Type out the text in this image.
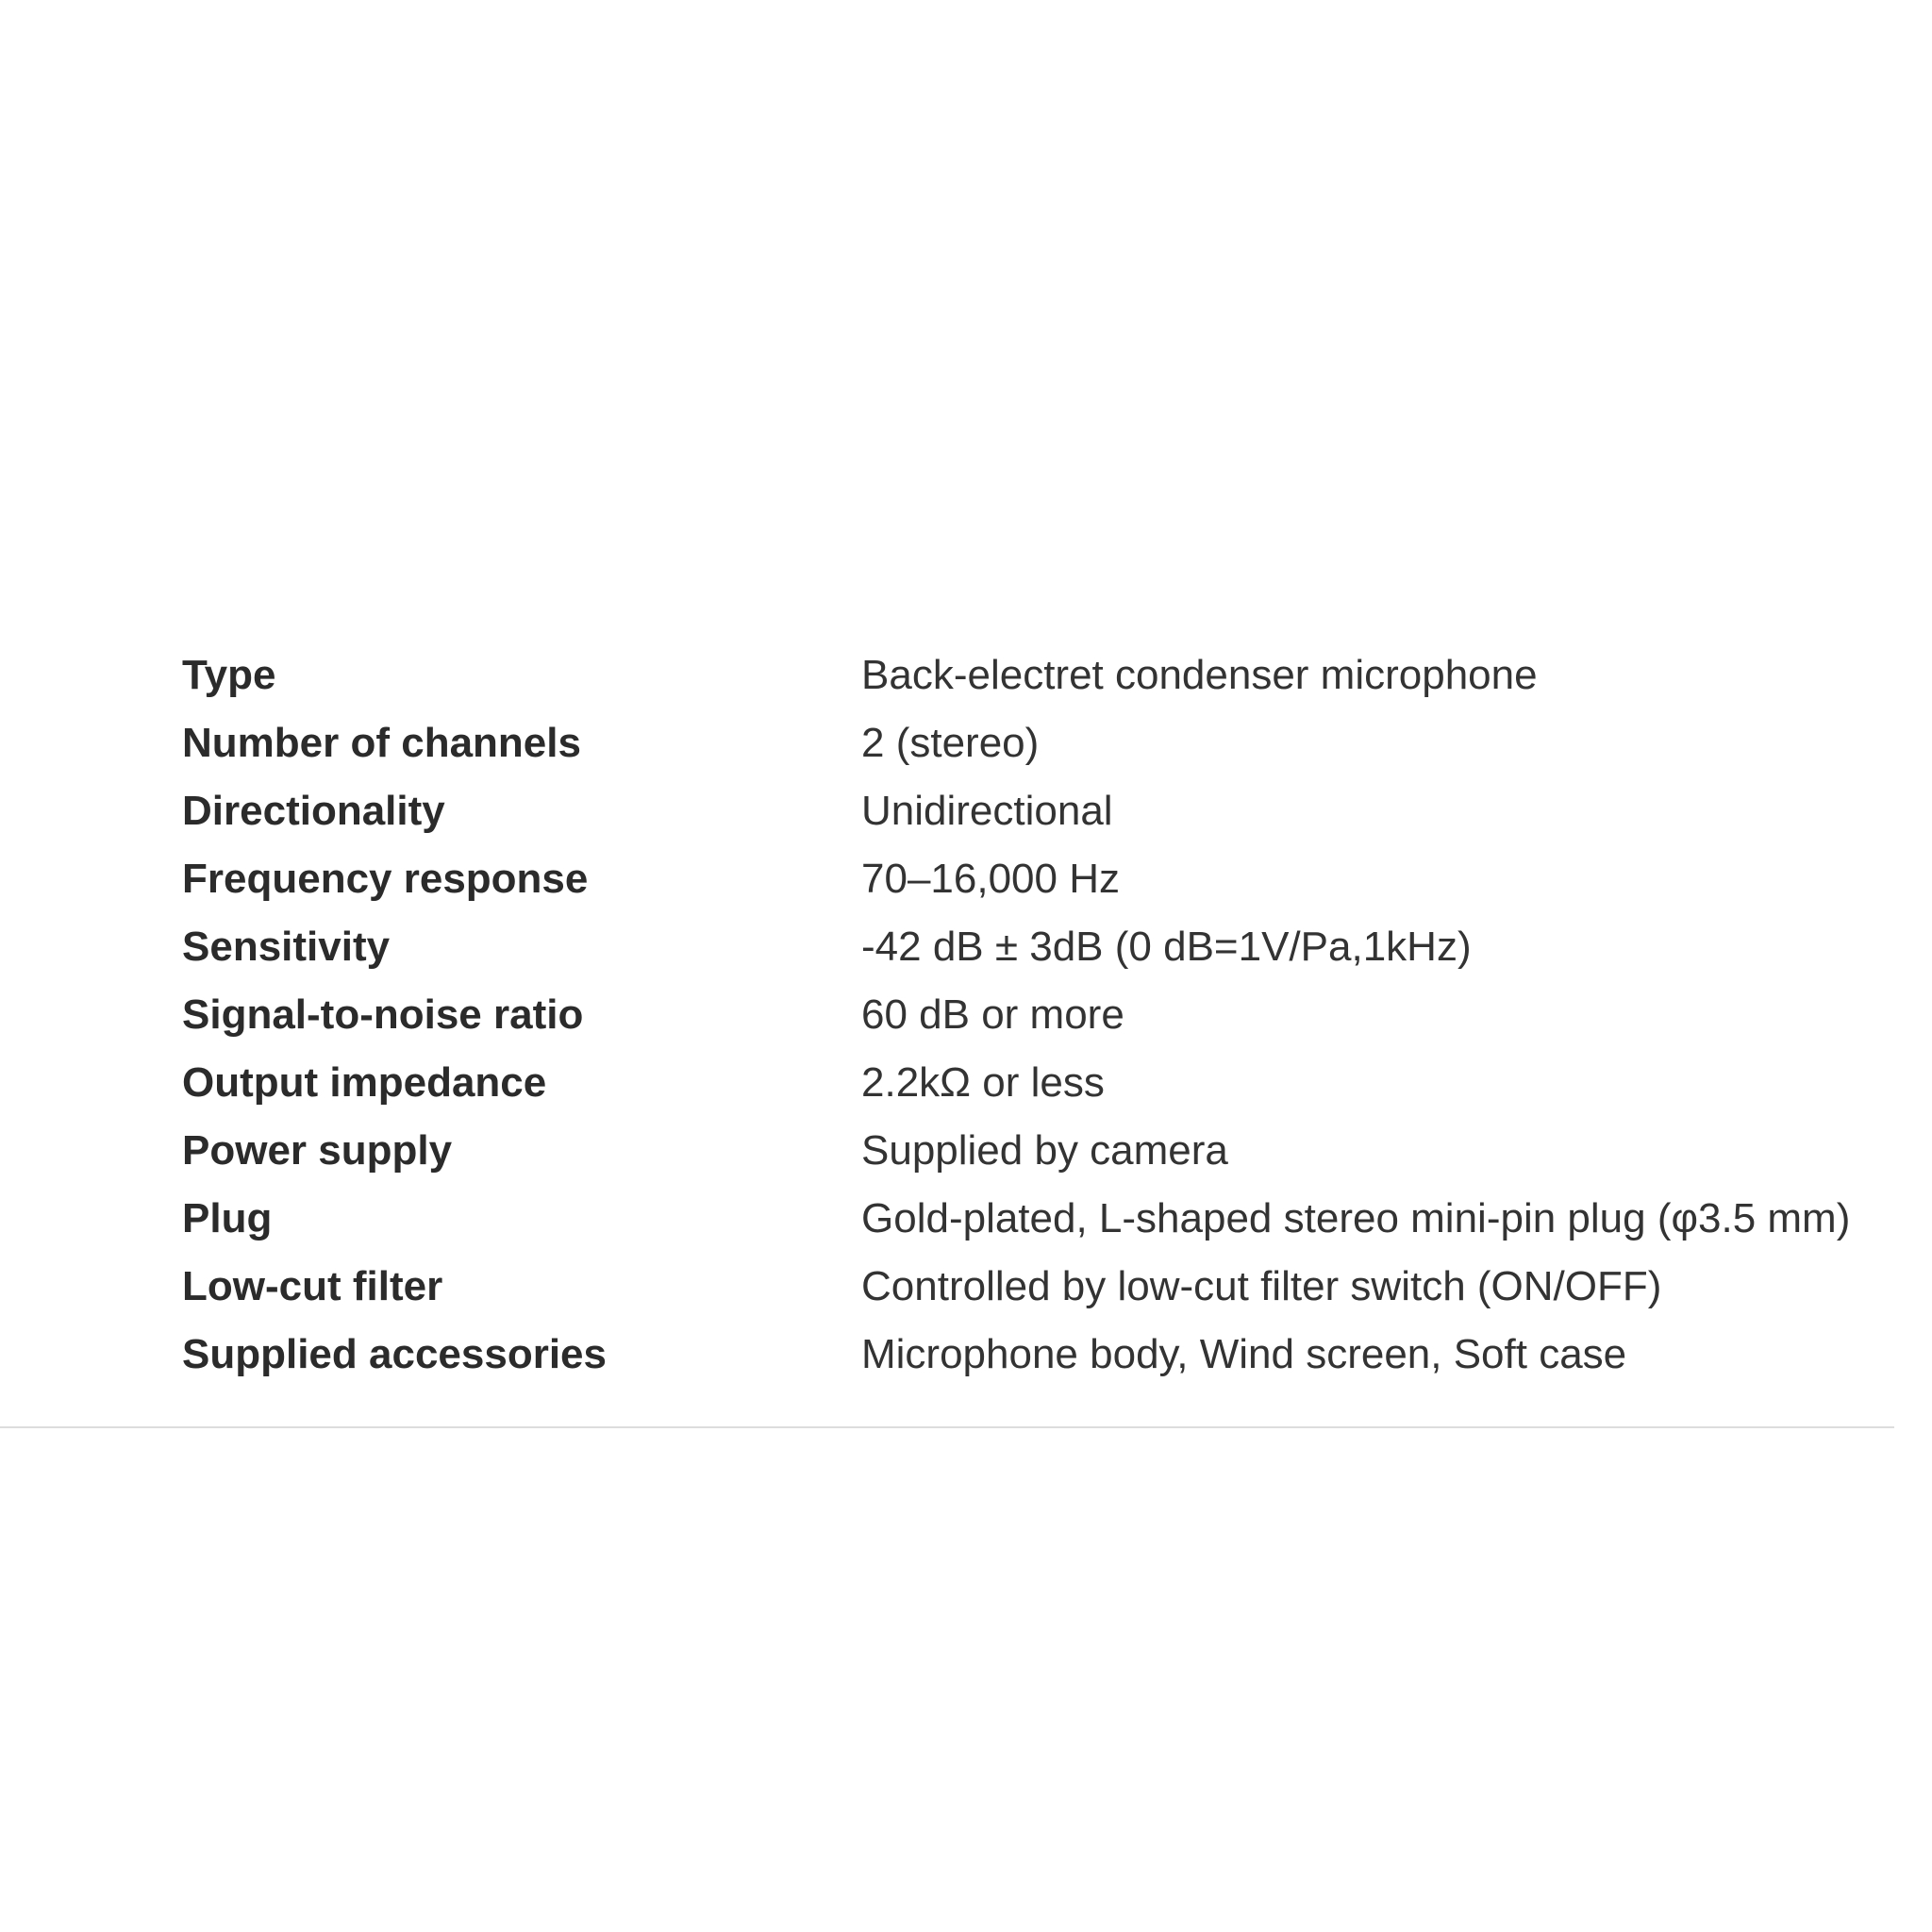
Type	Back-electret condenser microphone
Number of channels	2 (stereo)
Directionality	Unidirectional
Frequency response	70–16,000 Hz
Sensitivity	-42 dB ± 3dB (0 dB=1V/Pa,1kHz)
Signal-to-noise ratio	60 dB or more
Output impedance	2.2kΩ or less
Power supply	Supplied by camera
Plug	Gold-plated, L-shaped stereo mini-pin plug (φ3.5 mm)
Low-cut filter	Controlled by low-cut filter switch (ON/OFF)
Supplied accessories	Microphone body, Wind screen, Soft case
